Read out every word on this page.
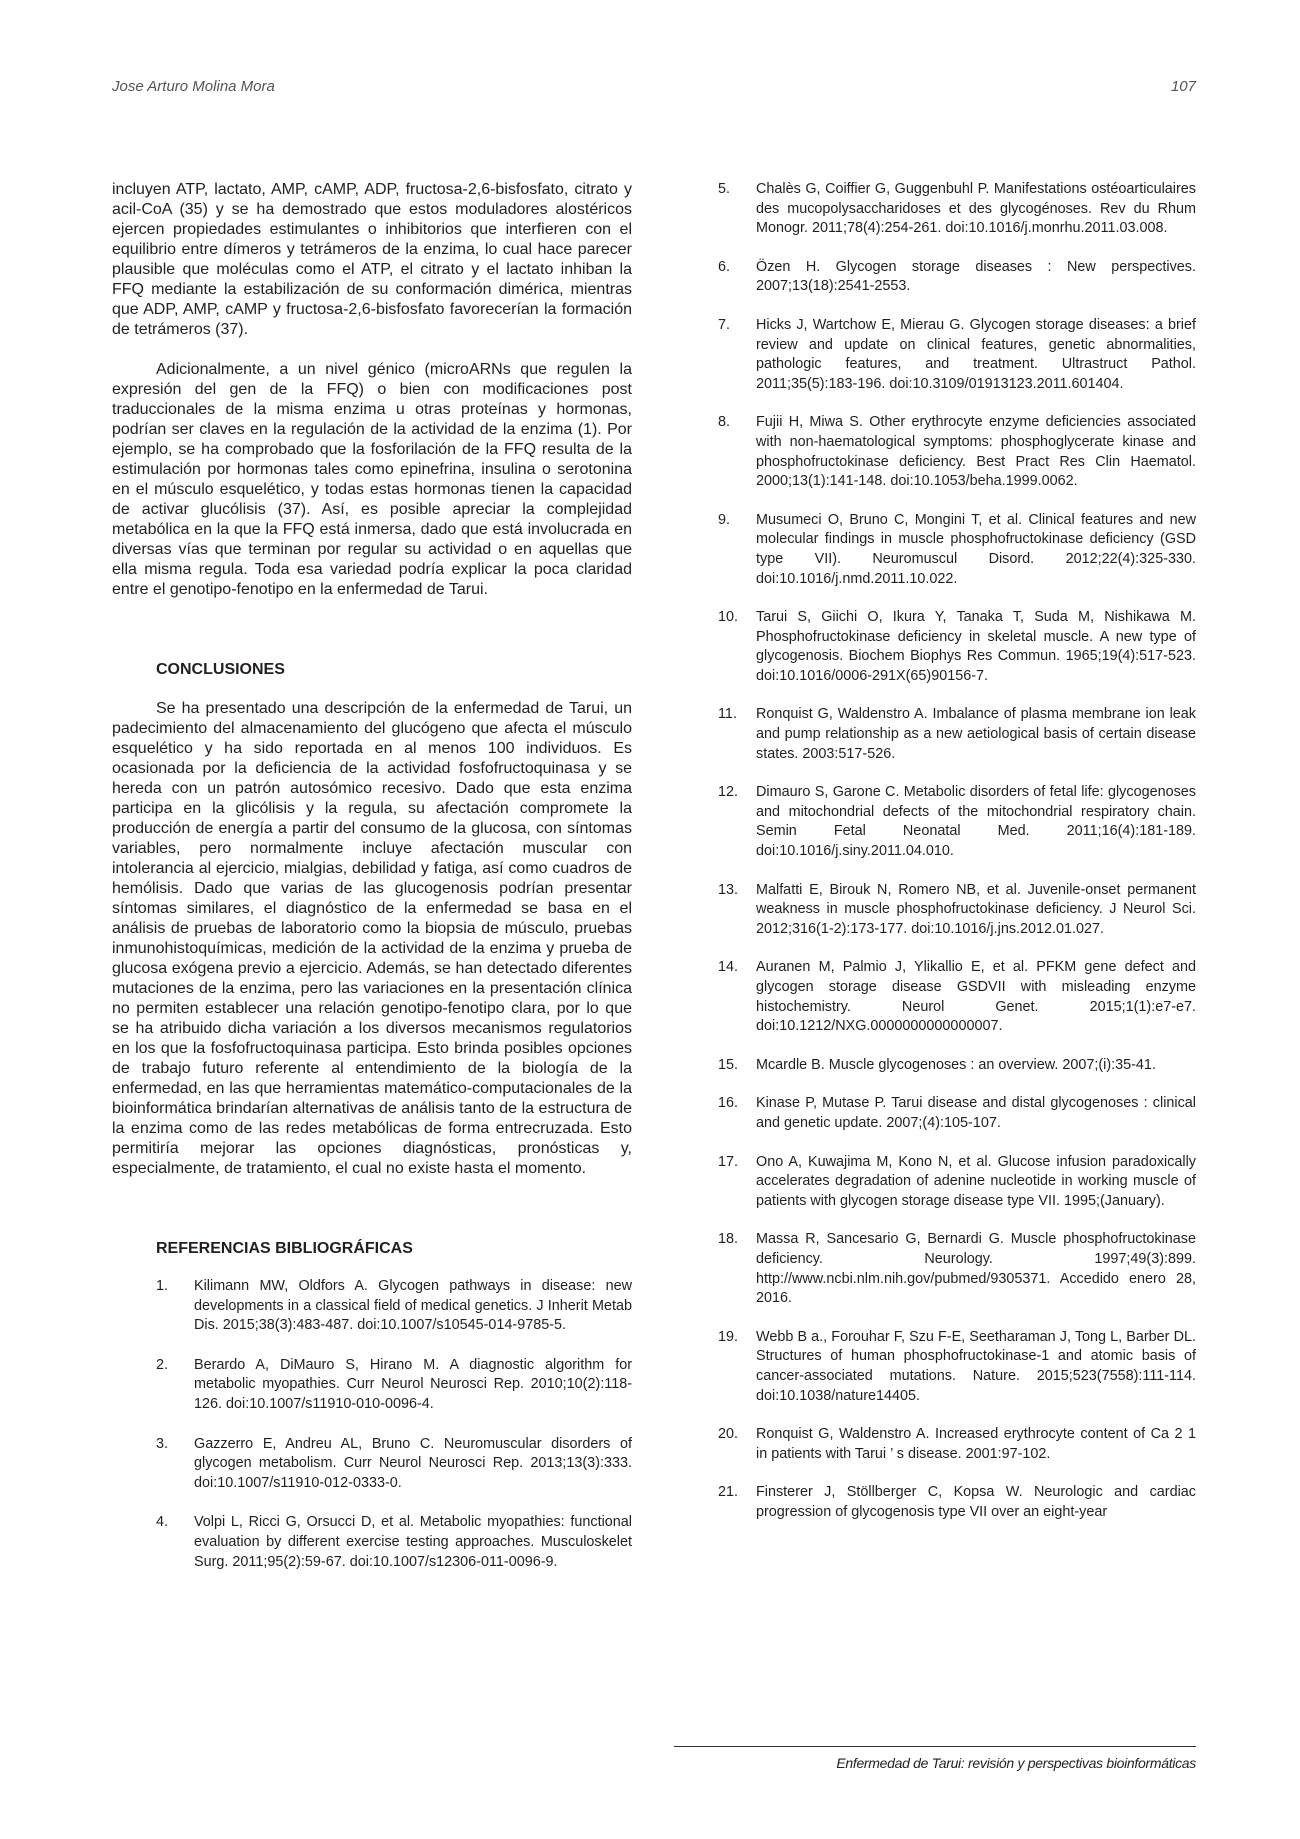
Jose Arturo Molina Mora	107

incluyen ATP, lactato, AMP, cAMP, ADP, fructosa-2,6-bisfosfato, citrato y acil-CoA (35) y se ha demostrado que estos moduladores alostéricos ejercen propiedades estimulantes o inhibitorios que interfieren con el equilibrio entre dímeros y tetrámeros de la enzima, lo cual hace parecer plausible que moléculas como el ATP, el citrato y el lactato inhiban la FFQ mediante la estabilización de su conformación dimérica, mientras que ADP, AMP, cAMP y fructosa-2,6-bisfosfato favorecerían la formación de tetrámeros (37).

Adicionalmente, a un nivel génico (microARNs que regulen la expresión del gen de la FFQ) o bien con modificaciones post traduccionales de la misma enzima u otras proteínas y hormonas, podrían ser claves en la regulación de la actividad de la enzima (1). Por ejemplo, se ha comprobado que la fosforilación de la FFQ resulta de la estimulación por hormonas tales como epinefrina, insulina o serotonina en el músculo esquelético, y todas estas hormonas tienen la capacidad de activar glucólisis (37). Así, es posible apreciar la complejidad metabólica en la que la FFQ está inmersa, dado que está involucrada en diversas vías que terminan por regular su actividad o en aquellas que ella misma regula. Toda esa variedad podría explicar la poca claridad entre el genotipo-fenotipo en la enfermedad de Tarui.

CONCLUSIONES

Se ha presentado una descripción de la enfermedad de Tarui, un padecimiento del almacenamiento del glucógeno que afecta el músculo esquelético y ha sido reportada en al menos 100 individuos. Es ocasionada por la deficiencia de la actividad fosfofructoquinasa y se hereda con un patrón autosómico recesivo. Dado que esta enzima participa en la glicólisis y la regula, su afectación compromete la producción de energía a partir del consumo de la glucosa, con síntomas variables, pero normalmente incluye afectación muscular con intolerancia al ejercicio, mialgias, debilidad y fatiga, así como cuadros de hemólisis. Dado que varias de las glucogenosis podrían presentar síntomas similares, el diagnóstico de la enfermedad se basa en el análisis de pruebas de laboratorio como la biopsia de músculo, pruebas inmunohistoquímicas, medición de la actividad de la enzima y prueba de glucosa exógena previo a ejercicio. Además, se han detectado diferentes mutaciones de la enzima, pero las variaciones en la presentación clínica no permiten establecer una relación genotipo-fenotipo clara, por lo que se ha atribuido dicha variación a los diversos mecanismos regulatorios en los que la fosfofructoquinasa participa. Esto brinda posibles opciones de trabajo futuro referente al entendimiento de la biología de la enfermedad, en las que herramientas matemático-computacionales de la bioinformática brindarían alternativas de análisis tanto de la estructura de la enzima como de las redes metabólicas de forma entrecruzada. Esto permitiría mejorar las opciones diagnósticas, pronósticas y, especialmente, de tratamiento, el cual no existe hasta el momento.

REFERENCIAS BIBLIOGRÁFICAS
1. Kilimann MW, Oldfors A. Glycogen pathways in disease: new developments in a classical field of medical genetics. J Inherit Metab Dis. 2015;38(3):483-487. doi:10.1007/s10545-014-9785-5.
2. Berardo A, DiMauro S, Hirano M. A diagnostic algorithm for metabolic myopathies. Curr Neurol Neurosci Rep. 2010;10(2):118-126. doi:10.1007/s11910-010-0096-4.
3. Gazzerro E, Andreu AL, Bruno C. Neuromuscular disorders of glycogen metabolism. Curr Neurol Neurosci Rep. 2013;13(3):333. doi:10.1007/s11910-012-0333-0.
4. Volpi L, Ricci G, Orsucci D, et al. Metabolic myopathies: functional evaluation by different exercise testing approaches. Musculoskelet Surg. 2011;95(2):59-67. doi:10.1007/s12306-011-0096-9.
5. Chalès G, Coiffier G, Guggenbuhl P. Manifestations ostéoarticulaires des mucopolysaccharidoses et des glycogénoses. Rev du Rhum Monogr. 2011;78(4):254-261. doi:10.1016/j.monrhu.2011.03.008.
6. Özen H. Glycogen storage diseases : New perspectives. 2007;13(18):2541-2553.
7. Hicks J, Wartchow E, Mierau G. Glycogen storage diseases: a brief review and update on clinical features, genetic abnormalities, pathologic features, and treatment. Ultrastruct Pathol. 2011;35(5):183-196. doi:10.3109/01913123.2011.601404.
8. Fujii H, Miwa S. Other erythrocyte enzyme deficiencies associated with non-haematological symptoms: phosphoglycerate kinase and phosphofructokinase deficiency. Best Pract Res Clin Haematol. 2000;13(1):141-148. doi:10.1053/beha.1999.0062.
9. Musumeci O, Bruno C, Mongini T, et al. Clinical features and new molecular findings in muscle phosphofructokinase deficiency (GSD type VII). Neuromuscul Disord. 2012;22(4):325-330. doi:10.1016/j.nmd.2011.10.022.
10. Tarui S, Giichi O, Ikura Y, Tanaka T, Suda M, Nishikawa M. Phosphofructokinase deficiency in skeletal muscle. A new type of glycogenosis. Biochem Biophys Res Commun. 1965;19(4):517-523. doi:10.1016/0006-291X(65)90156-7.
11. Ronquist G, Waldenstro A. Imbalance of plasma membrane ion leak and pump relationship as a new aetiological basis of certain disease states. 2003:517-526.
12. Dimauro S, Garone C. Metabolic disorders of fetal life: glycogenoses and mitochondrial defects of the mitochondrial respiratory chain. Semin Fetal Neonatal Med. 2011;16(4):181-189. doi:10.1016/j.siny.2011.04.010.
13. Malfatti E, Birouk N, Romero NB, et al. Juvenile-onset permanent weakness in muscle phosphofructokinase deficiency. J Neurol Sci. 2012;316(1-2):173-177. doi:10.1016/j.jns.2012.01.027.
14. Auranen M, Palmio J, Ylikallio E, et al. PFKM gene defect and glycogen storage disease GSDVII with misleading enzyme histochemistry. Neurol Genet. 2015;1(1):e7-e7. doi:10.1212/NXG.0000000000000007.
15. Mcardle B. Muscle glycogenoses : an overview. 2007;(i):35-41.
16. Kinase P, Mutase P. Tarui disease and distal glycogenoses : clinical and genetic update. 2007;(4):105-107.
17. Ono A, Kuwajima M, Kono N, et al. Glucose infusion paradoxically accelerates degradation of adenine nucleotide in working muscle of patients with glycogen storage disease type VII. 1995;(January).
18. Massa R, Sancesario G, Bernardi G. Muscle phosphofructokinase deficiency. Neurology. 1997;49(3):899. http://www.ncbi.nlm.nih.gov/pubmed/9305371. Accedido enero 28, 2016.
19. Webb B a., Forouhar F, Szu F-E, Seetharaman J, Tong L, Barber DL. Structures of human phosphofructokinase-1 and atomic basis of cancer-associated mutations. Nature. 2015;523(7558):111-114. doi:10.1038/nature14405.
20. Ronquist G, Waldenstro A. Increased erythrocyte content of Ca 2 1 in patients with Tarui ’ s disease. 2001:97-102.
21. Finsterer J, Stöllberger C, Kopsa W. Neurologic and cardiac progression of glycogenosis type VII over an eight-year
Enfermedad de Tarui: revisión y perspectivas bioinformáticas
